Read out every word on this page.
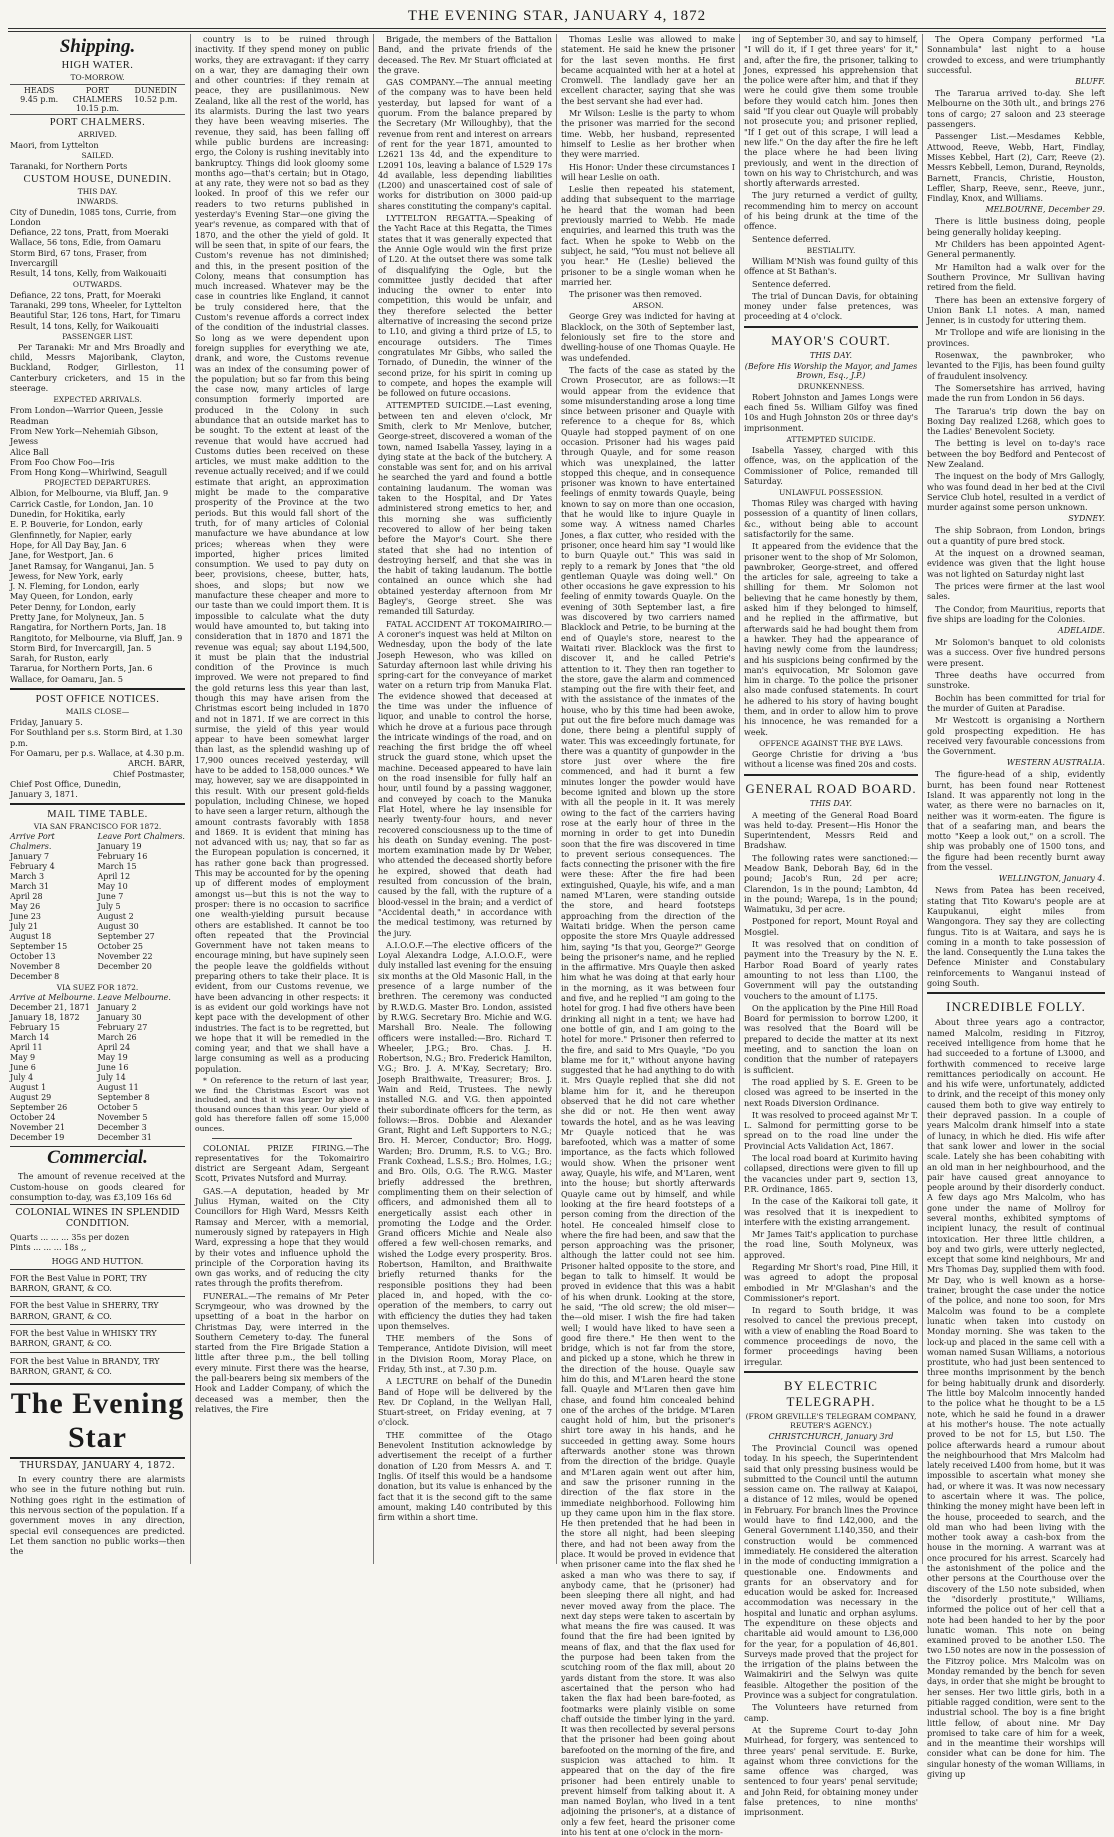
THE EVENING STAR, JANUARY 4, 1872
Shipping.
HIGH WATER.
TO-MORROW.
HEADS
9.45 p.m.
PORT CHALMERS
10.15 p.m.
DUNEDIN
10.52 p.m.
PORT CHALMERS.
ARRIVED.

Maori, from Lyttelton

SAILED.

Taranaki, for Northern Ports

CUSTOM HOUSE, DUNEDIN.
THIS DAY.
INWARDS.

City of Dunedin, 1085 tons, Currie, from London
Defiance, 22 tons, Pratt, from Moeraki
Wallace, 56 tons, Edie, from Oamaru
Storm Bird, 67 tons, Fraser, from Invercargill
Result, 14 tons, Kelly, from Waikouaiti

OUTWARDS.

Defiance, 22 tons, Pratt, for Moeraki
Taranaki, 299 tons, Wheeler, for Lyttelton
Beautiful Star, 126 tons, Hart, for Timaru
Result, 14 tons, Kelly, for Waikouaiti

PASSENGER LIST.

Per Taranaki: Mr and Mrs Broadly and child, Messrs Majoribank, Clayton, Buckland, Rodger, Girlleston, 11 Canterbury cricketers, and 15 in the steerage.

EXPECTED ARRIVALS.

From London—Warrior Queen, Jessie Readman
From New York—Nehemiah Gibson, Jewess
Alice Ball
From Foo Chow Foo—Iris
From Hong Kong—Whirlwind, Seagull

PROJECTED DEPARTURES.

Albion, for Melbourne, via Bluff, Jan. 9
Carrick Castle, for London, Jan. 10
Dunedin, for Hokitika, early
E. P. Bouverie, for London, early
Glenfinnetly, for Napier, early
Hope, for All Day Bay, Jan. 6
Jane, for Westport, Jan. 6
Janet Ramsay, for Wanganui, Jan. 5
Jewess, for New York, early
J. N. Fleming, for London, early
May Queen, for London, early
Peter Denny, for London, early
Pretty Jane, for Molyneux, Jan. 5
Rangatira, for Northern Ports, Jan. 18
Rangitoto, for Melbourne, via Bluff, Jan. 9
Storm Bird, for Invercargill, Jan. 5
Sarah, for Ruston, early
Tararua, for Northern Ports, Jan. 6
Wallace, for Oamaru, Jan. 5

POST OFFICE NOTICES.
MAILS CLOSE—

Friday, January 5.
For Southland per s.s. Storm Bird, at 1.30 p.m.
For Oamaru, per p.s. Wallace, at 4.30 p.m.

ARCH. BARR,

Chief Postmaster,

Chief Post Office, Dunedin,
January 3, 1871.

MAIL TIME TABLE.
VIA SAN FRANCISCO FOR 1872.
Arrive Port Chalmers.
January 7
February 4
March 3
March 31
April 28
May 26
June 23
July 21
August 18
September 15
October 13
November 8
December 8
Leave Port Chalmers.
January 19
February 16
March 15
April 12
May 10
June 7
July 5
August 2
August 30
September 27
October 25
November 22
December 20
VIA SUEZ FOR 1872.
Arrive at Melbourne.
December 21, 1871
January 18, 1872
February 15
March 14
April 11
May 9
June 6
July 4
August 1
August 29
September 26
October 24
November 21
December 19
Leave Melbourne.
January 2
January 30
February 27
March 26
April 24
May 19
June 16
July 14
August 11
September 8
October 5
November 5
December 3
December 31
Commercial.

The amount of revenue received at the Custom-house on goods cleared for consumption to-day, was £3,109 16s 6d

COLONIAL WINES IN SPLENDID CONDITION.

Quarts ... ... ... 35s per dozen
Pints ... ... ... 18s ,,

HOGG AND HUTTON.

FOR the Best Value in PORT, TRY BARRON, GRANT, & CO.
FOR the best Value in SHERRY, TRY BARRON, GRANT, & CO.
FOR the best Value in WHISKY TRY BARRON, GRANT, & CO.
FOR the best Value in BRANDY, TRY BARRON, GRANT, & CO.
The Evening Star
THURSDAY, JANUARY 4, 1872.

In every country there are alarmists who see in the future nothing but ruin. Nothing goes right in the estimation of this nervous section of the population. If a government moves in any direction, special evil consequences are predicted. Let them sanction no public works—then the

country is to be ruined through inactivity. If they spend money on public works, they are extravagant: if they carry on a war, they are damaging their own and other countries: if they remain at peace, they are pusillanimous. New Zealand, like all the rest of the world, has its alarmists. During the last two years they have been weaving miseries. The revenue, they said, has been falling off while public burdens are increasing: ergo, the Colony is rushing inevitably into bankruptcy. Things did look gloomy some months ago—that's certain; but in Otago, at any rate, they were not so bad as they looked. In proof of this we refer our readers to two returns published in yesterday's Evening Star—one giving the year's revenue, as compared with that of 1870, and the other the yield of gold. It will be seen that, in spite of our fears, the Custom's revenue has not diminished; and this, in the present position of the Colony, means that consumption has much increased. Whatever may be the case in countries like England, it cannot be truly considered here, that the Custom's revenue affords a correct index of the condition of the industrial classes. So long as we were dependent upon foreign supplies for everything we ate, drank, and wore, the Customs revenue was an index of the consuming power of the population; but so far from this being the case now, many articles of large consumption formerly imported are produced in the Colony in such abundance that an outside market has to be sought. To the extent at least of the revenue that would have accrued had Customs duties been received on these articles, we must make addition to the revenue actually received; and if we could estimate that aright, an approximation might be made to the comparative prosperity of the Province at the two periods. But this would fall short of the truth, for of many articles of Colonial manufacture we have abundance at low prices; whereas when they were imported, higher prices limited consumption. We used to pay duty on beer, provisions, cheese, butter, hats, shoes, and slops; but now we manufacture these cheaper and more to our taste than we could import them. It is impossible to calculate what the duty would have amounted to, but taking into consideration that in 1870 and 1871 the revenue was equal; say about L194,500, it must be plain that the industrial condition of the Province is much improved. We were not prepared to find the gold returns less this year than last, though this may have arisen from the Christmas escort being included in 1870 and not in 1871. If we are correct in this surmise, the yield of this year would appear to have been somewhat larger than last, as the splendid washing up of 17,900 ounces received yesterday, will have to be added to 158,000 ounces.* We may, however, say we are disappointed in this result. With our present gold-fields population, including Chinese, we hoped to have seen a larger return, although the amount contrasts favorably with 1858 and 1869. It is evident that mining has not advanced with us; nay, that so far as the European population is concerned, it has rather gone back than progressed. This may be accounted for by the opening up of different modes of employment amongst us—but this is not the way to prosper: there is no occasion to sacrifice one wealth-yielding pursuit because others are established. It cannot be too often repeated that the Provincial Government have not taken means to encourage mining, but have supinely seen the people leave the goldfields without preparing others to take their place. It is evident, from our Customs revenue, we have been advancing in other respects: it is as evident our gold workings have not kept pace with the development of other industries. The fact is to be regretted, but we hope that it will be remedied in the coming year, and that we shall have a large consuming as well as a producing population.

* On reference to the return of last year, we find the Christmas Escort was not included, and that it was larger by above a thousand ounces than this year. Our yield of gold has therefore fallen off some 15,000 ounces.

COLONIAL PRIZE FIRING.—The representatives for the Tokomairiro district are Sergeant Adam, Sergeant Scott, Privates Nutsford and Murray.

GAS.—A deputation, headed by Mr Julius Hyman, waited on the City Councillors for High Ward, Messrs Keith Ramsay and Mercer, with a memorial, numerously signed by ratepayers in High Ward, expressing a hope that they would by their votes and influence uphold the principle of the Corporation having its own gas works, and of reducing the city rates through the profits therefrom.

FUNERAL.—The remains of Mr Peter Scrymgeour, who was drowned by the upsetting of a boat in the harbor on Christmas Day, were interred in the Southern Cemetery to-day. The funeral started from the Fire Brigade Station a little after three p.m., the bell tolling every minute. First there was the hearse, the pall-bearers being six members of the Hook and Ladder Company, of which the deceased was a member, then the relatives, the Fire

Brigade, the members of the Battalion Band, and the private friends of the deceased. The Rev. Mr Stuart officiated at the grave.

GAS COMPANY.—The annual meeting of the company was to have been held yesterday, but lapsed for want of a quorum. From the balance prepared by the Secretary (Mr Willoughby), that the revenue from rent and interest on arrears of rent for the year 1871, amounted to L2621 13s 4d, and the expenditure to L2091 10s, leaving a balance of L529 17s 4d available, less depending liabilities (L200) and unascertained cost of sale of works for distribution on 3000 paid-up shares constituting the company's capital.

LYTTELTON REGATTA.—Speaking of the Yacht Race at this Regatta, the Times states that it was generally expected that the Annie Ogle would win the first prize of L20. At the outset there was some talk of disqualifying the Ogle, but the committee justly decided that after inducing the owner to enter into competition, this would be unfair, and they therefore selected the better alternative of increasing the second prize to L10, and giving a third prize of L5, to encourage outsiders. The Times congratulates Mr Gibbs, who sailed the Tornado, of Dunedin, the winner of the second prize, for his spirit in coming up to compete, and hopes the example will be followed on future occasions.

ATTEMPTED SUICIDE.—Last evening, between ten and eleven o'clock, Mr Smith, clerk to Mr Menlove, butcher, George-street, discovered a woman of the town, named Isabella Yassey, laying in a dying state at the back of the butchery. A constable was sent for, and on his arrival he searched the yard and found a bottle containing laudanum. The woman was taken to the Hospital, and Dr Yates administered strong emetics to her, and this morning she was sufficiently recovered to allow of her being taken before the Mayor's Court. She there stated that she had no intention of destroying herself, and that she was in the habit of taking laudanum. The bottle contained an ounce which she had obtained yesterday afternoon from Mr Bagley's, George street. She was remanded till Saturday.

FATAL ACCIDENT AT TOKOMAIRIRO.—A coroner's inquest was held at Milton on Wednesday, upon the body of the late Joseph Heweson, who was killed on Saturday afternoon last while driving his spring-cart for the conveyance of market water on a return trip from Manuka Flat. The evidence showed that deceased at the time was under the influence of liquor, and unable to control the horse, which he drove at a furious pace through the intricate windings of the road, and on reaching the first bridge the off wheel struck the guard stone, which upset the machine. Deceased appeared to have lain on the road insensible for fully half an hour, until found by a passing waggoner, and conveyed by coach to the Manuka Flat Hotel, where he lay insensible for nearly twenty-four hours, and never recovered consciousness up to the time of his death on Sunday evening. The post-mortem examination made by Dr Weber, who attended the deceased shortly before he expired, showed that death had resulted from concussion of the brain, caused by the fall, with the rupture of a blood-vessel in the brain; and a verdict of "Accidental death," in accordance with the medical testimony, was returned by the jury.

A.I.O.O.F.—The elective officers of the Loyal Alexandra Lodge, A.I.O.O.F., were duly installed last evening for the ensuing six months at the Old Masonic Hall, in the presence of a large number of the brethren. The ceremony was conducted by R.W.D.G. Master Bro. London, assisted by R.W.G. Secretary Bro. Michie and W.G. Marshall Bro. Neale. The following officers were installed:—Bro. Richard T. Wheeler, J.P.G.; Bro. Chas. J. H. Robertson, N.G.; Bro. Frederick Hamilton, V.G.; Bro. J. A. M'Kay, Secretary; Bro. Joseph Braithwaite, Treasurer; Bros. J. Wain and Reid, Trustees. The newly installed N.G. and V.G. then appointed their subordinate officers for the term, as follows:—Bros. Dobbie and Alexander Grant, Right and Left Supporters to N.G.; Bro. H. Mercer, Conductor; Bro. Hogg, Warden; Bro. Drumm, R.S. to V.G.; Bro. Frank Coxhead, L.S.S.; Bro. Holmes, I.G.; and Bro. Oils, O.G. The R.W.G. Master briefly addressed the brethren, complimenting them on their selection of officers, and admonished them all to energetically assist each other in promoting the Lodge and the Order. Grand officers Michie and Neale also offered a few well-chosen remarks, and wished the Lodge every prosperity. Bros. Robertson, Hamilton, and Braithwaite briefly returned thanks for the responsible positions they had been placed in, and hoped, with the co-operation of the members, to carry out with efficiency the duties they had taken upon themselves.

THE members of the Sons of Temperance, Antidote Division, will meet in the Division Room, Moray Place, on Friday, 5th inst., at 7.30 p.m.

A LECTURE on behalf of the Dunedin Band of Hope will be delivered by the Rev. Dr Copland, in the Wellyan Hall, Stuart-street, on Friday evening, at 7 o'clock.

THE committee of the Otago Benevolent Institution acknowledge by advertisement the receipt of a further donation of L20 from Messrs A. and T. Inglis. Of itself this would be a handsome donation, but its value is enhanced by the fact that it is the second gift to the same amount, making L40 contributed by this firm within a short time.

Thomas Leslie was allowed to make statement. He said he knew the prisoner for the last seven months. He first became acquainted with her at a hotel at Cromwell. The landlady gave her an excellent character, saying that she was the best servant she had ever had.

Mr Wilson: Leslie is the party to whom the prisoner was married for the second time. Webb, her husband, represented himself to Leslie as her brother when they were married.

His Honor: Under these circumstances I will hear Leslie on oath.

Leslie then repeated his statement, adding that subsequent to the marriage he heard that the woman had been previously married to Webb. He made enquiries, and learned this truth was the fact. When he spoke to Webb on the subject, he said, "You must not believe all you hear." He (Leslie) believed the prisoner to be a single woman when he married her.

The prisoner was then removed.

ARSON.

George Grey was indicted for having at Blacklock, on the 30th of September last, feloniously set fire to the store and dwelling-house of one Thomas Quayle. He was undefended.

The facts of the case as stated by the Crown Prosecutor, are as follows:—It would appear from the evidence that some misunderstanding arose a long time since between prisoner and Quayle with reference to a cheque for 8s, which Quayle had stopped payment of on one occasion. Prisoner had his wages paid through Quayle, and for some reason which was unexplained, the latter stopped this cheque, and in consequence prisoner was known to have entertained feelings of enmity towards Quayle, being known to say on more than one occasion, that he would like to injure Quayle in some way. A witness named Charles Jones, a flax cutter, who resided with the prisoner, once heard him say "I would like to burn Quayle out." This was said in reply to a remark by Jones that "the old gentleman Quayle was doing well." On other occasions he gave expression to his feeling of enmity towards Quayle. On the evening of 30th September last, a fire was discovered by two carriers named Blacklock and Petrie, to be burning at the end of Quayle's store, nearest to the Waitati river. Blacklock was the first to discover it, and he called Petrie's attention to it. They then ran together to the store, gave the alarm and commenced stamping out the fire with their feet, and with the assistance of the inmates of the house, who by this time had been awoke, put out the fire before much damage was done, there being a plentiful supply of water. This was exceedingly fortunate, for there was a quantity of gunpowder in the store just over where the fire commenced, and had it burnt a few minutes longer the powder would have become ignited and blown up the store with all the people in it. It was merely owing to the fact of the carriers having rose at the early hour of three in the morning in order to get into Dunedin soon that the fire was discovered in time to prevent serious consequences. The facts connecting the prisoner with the fire were these: After the fire had been extinguished, Quayle, his wife, and a man named M'Laren, were standing outside the store, and heard footsteps approaching from the direction of the Waitati bridge. When the person came opposite the store Mrs Quayle addressed him, saying "Is that you, George?" George being the prisoner's name, and he replied in the affirmative. Mrs Quayle then asked him what he was doing at that early hour in the morning, as it was between four and five, and he replied "I am going to the hotel for grog. I had five others have been drinking all night in a tent; we have had one bottle of gin, and I am going to the hotel for more." Prisoner then referred to the fire, and said to Mrs Quayle, "Do you blame me for it," without anyone having suggested that he had anything to do with it. Mrs Quayle replied that she did not blame him for it, and he thereupon observed that he did not care whether she did or not. He then went away towards the hotel, and as he was leaving Mr Quayle noticed that he was barefooted, which was a matter of some importance, as the facts which followed would show. When the prisoner went away, Quayle, his wife, and M'Laren, went into the house; but shortly afterwards Quayle came out by himself, and while looking at the fire heard footsteps of a person coming from the direction of the hotel. He concealed himself close to where the fire had been, and saw that the person approaching was the prisoner, although the latter could not see him. Prisoner halted opposite to the store, and began to talk to himself. It would be proved in evidence that this was a habit of his when drunk. Looking at the store, he said, "The old screw; the old miser—the—old miser. I wish the fire had taken well; I would have liked to have seen a good fire there." He then went to the bridge, which is not far from the store, and picked up a stone, which he threw in the direction of the house. Quayle saw him do this, and M'Laren heard the stone fall. Quayle and M'Laren then gave him chase, and found him concealed behind one of the arches of the bridge. M'Laren caught hold of him, but the prisoner's shirt tore away in his hands, and he succeeded in getting away. Some hours afterwards another stone was thrown from the direction of the bridge. Quayle and M'Laren again went out after him, and saw the prisoner running in the direction of the flax store in the immediate neighborhood. Following him up they came upon him in the flax store. He then pretended that he had been in the store all night, had been sleeping there, and had not been away from the place. It would be proved in evidence that when prisoner came into the flax shed he asked a man who was there to say, if anybody came, that he (prisoner) had been sleeping there all night, and had never moved away from the place. The next day steps were taken to ascertain by what means the fire was caused. It was found that the fire had been ignited by means of flax, and that the flax used for the purpose had been taken from the scutching room of the flax mill, about 20 yards distant from the store. It was also ascertained that the person who had taken the flax had been bare-footed, as footmarks were plainly visible on some chaff outside the timber lying in the yard. It was then recollected by several persons that the prisoner had been going about barefooted on the morning of the fire, and suspicion was attached to him. It appeared that on the day of the fire prisoner had been entirely unable to prevent himself from talking about it. A man named Boylan, who lived in a tent adjoining the prisoner's, at a distance of only a few feet, heard the prisoner come into his tent at one o'clock in the morn-

ing of September 30, and say to himself, "I will do it, if I get three years' for it," and, after the fire, the prisoner, talking to Jones, expressed his apprehension that the police were after him, and that if they were he could give them some trouble before they would catch him. Jones then said "If you clear out Quayle will probably not prosecute you; and prisoner replied, "If I get out of this scrape, I will lead a new life." On the day after the fire he left the place where he had been living previously, and went in the direction of town on his way to Christchurch, and was shortly afterwards arrested.

The jury returned a verdict of guilty, recommending him to mercy on account of his being drunk at the time of the offence.

Sentence deferred.

BESTIALITY.

William M'Nish was found guilty of this offence at St Bathan's.

Sentence deferred.

The trial of Duncan Davis, for obtaining money under false pretences, was proceeding at 4 o'clock.

MAYOR'S COURT.
THIS DAY.
(Before His Worship the Mayor, and James Brown, Esq., J.P.)
DRUNKENNESS.

Robert Johnston and James Longs were each fined 5s. William Gilfoy was fined 10s and Hugh Johnston 20s or three day's imprisonment.

ATTEMPTED SUICIDE.

Isabella Yassey, charged with this offence, was, on the application of the Commissioner of Police, remanded till Saturday.

UNLAWFUL POSSESSION.

Thomas Riley was charged with having possession of a quantity of linen collars, &c., without being able to account satisfactorily for the same.

It appeared from the evidence that the prisoner went to the shop of Mr Solomon, pawnbroker, George-street, and offered the articles for sale, agreeing to take a shilling for them. Mr Solomon not believing that he came honestly by them, asked him if they belonged to himself, and he replied in the affirmative, but afterwards said he had bought them from a hawker. They had the appearance of having newly come from the laundress; and his suspicions being confirmed by the man's equivocation, Mr Solomon gave him in charge. To the police the prisoner also made confused statements. In court he adhered to his story of having bought them, and in order to allow him to prove his innocence, he was remanded for a week.

OFFENCE AGAINST THE BYE LAWS.

George Christie for driving a 'bus without a license was fined 20s and costs.

GENERAL ROAD BOARD.
THIS DAY.

A meeting of the General Road Board was held to-day. Present—His Honor the Superintendent, Messrs Reid and Bradshaw.

The following rates were sanctioned:—Meadow Bank, Deborah Bay, 6d in the pound; Jacob's Run, 2d per acre; Clarendon, 1s in the pound; Lambton, 4d in the pound; Warepa, 1s in the pound; Waimatuku, 3d per acre.

Postponed for report, Mount Royal and Mosgiel.

It was resolved that on condition of payment into the Treasury by the N. E. Harbor Road Board of yearly rates amounting to not less than L100, the Government will pay the outstanding vouchers to the amount of L175.

On the application by the Pine Hill Road Board for permission to borrow L200, it was resolved that the Board will be prepared to decide the matter at its next meeting, and to sanction the loan on condition that the number of ratepayers is sufficient.

The road applied by S. E. Green to be closed was agreed to be inserted in the next Roads Diversion Ordinance.

It was resolved to proceed against Mr T. L. Salmond for permitting gorse to be spread on to the road line under the Provincial Acts Validation Act, 1867.

The local road board at Kurimito having collapsed, directions were given to fill up the vacancies under part 9, section 13, P.R. Ordinance, 1865.

In the case of the Kaikorai toll gate, it was resolved that it is inexpedient to interfere with the existing arrangement.

Mr James Tait's application to purchase the road line, South Molyneux, was approved.

Regarding Mr Short's road, Pine Hill, it was agreed to adopt the proposal embodied in Mr M'Glashan's and the Commissioner's report.

In regard to South bridge, it was resolved to cancel the previous precept, with a view of enabling the Road Board to commence proceedings de novo, the former proceedings having been irregular.

BY ELECTRIC TELEGRAPH.
(FROM GREVILLE'S TELEGRAM COMPANY, REUTER'S AGENCY.)
CHRISTCHURCH, January 3rd

The Provincial Council was opened today. In his speech, the Superintendent said that only pressing business would be submitted to the Council until the autumn session came on. The railway at Kaiapoi, a distance of 12 miles, would be opened in February. For branch lines the Province would have to find L42,000, and the General Government L140,350, and their construction would be commenced immediately. He considered the alteration in the mode of conducting immigration a questionable one. Endowments and grants for an observatory and for education would be asked for. Increased accommodation was necessary in the hospital and lunatic and orphan asylums. The expenditure on these objects and charitable aid would amount to L36,000 for the year, for a population of 46,801. Surveys made proved that the project for the irrigation of the plains between the Waimakiriri and the Selwyn was quite feasible. Altogether the position of the Province was a subject for congratulation.

The Volunteers have returned from camp.

At the Supreme Court to-day John Muirhead, for forgery, was sentenced to three years' penal servitude. E. Burke, against whom three convictions for the same offence was charged, was sentenced to four years' penal servitude; and John Reid, for obtaining money under false pretences, to nine months' imprisonment.

The Opera Company performed "La Sonnambula" last night to a house crowded to excess, and were triumphantly successful.

BLUFF.

The Tararua arrived to-day. She left Melbourne on the 30th ult., and brings 276 tons of cargo; 27 saloon and 23 steerage passengers.

Passenger List.—Mesdames Kebble, Attwood, Reeve, Webb, Hart, Findlay, Misses Kebbel, Hart (2), Carr, Reeve (2). Messrs Kebbell, Lemon, Durand, Reynolds, Barnett, Francis, Christie, Houston, Leffler, Sharp, Reeve, senr., Reeve, junr., Findlay, Knox, and Williams.

MELBOURNE, December 29.

There is little business doing, people being generally holiday keeping.

Mr Childers has been appointed Agent-General permanently.

Mr Hamilton had a walk over for the Southern Province, Mr Sullivan having retired from the field.

There has been an extensive forgery of Union Bank L1 notes. A man, named Jenner, is in custody for uttering them.

Mr Trollope and wife are lionising in the provinces.

Rosenwax, the pawnbroker, who levanted to the Fijis, has been found guilty of fraudulent insolvency.

The Somersetshire has arrived, having made the run from London in 56 days.

The Tararua's trip down the bay on Boxing Day realized L268, which goes to the Ladies' Benevolent Society.

The betting is level on to-day's race between the boy Bedford and Pentecost of New Zealand.

The inquest on the body of Mrs Gallogly, who was found dead in her bed at the Civil Service Club hotel, resulted in a verdict of murder against some person unknown.

SYDNEY.

The ship Sobraon, from London, brings out a quantity of pure bred stock.

At the inquest on a drowned seaman, evidence was given that the light house was not lighted on Saturday night last

The prices were firmer at the last wool sales.

The Condor, from Mauritius, reports that five ships are loading for the Colonies.

ADELAIDE.

Mr Solomon's banquet to old colonists was a success. Over five hundred persons were present.

Three deaths have occurred from sunstroke.

Bochin has been committed for trial for the murder of Guiten at Paradise.

Mr Westcott is organising a Northern gold prospecting expedition. He has received very favourable concessions from the Government.

WESTERN AUSTRALIA.

The figure-head of a ship, evidently burnt, has been found near Rottenest Island. It was apparently not long in the water, as there were no barnacles on it, neither was it worm-eaten. The figure is that of a seafaring man, and bears the motto "Keep a look out," on a scroll. The ship was probably one of 1500 tons, and the figure had been recently burnt away from the vessel.

WELLINGTON, January 4.

News from Patea has been received, stating that Tito Kowaru's people are at Kaupukanui, eight miles from Wangongora. They say they are collecting fungus. Tito is at Waitara, and says he is coming in a month to take possession of the land. Consequently the Luna takes the Defence Minister and Constabulary reinforcements to Wanganui instead of going South.

INCREDIBLE FOLLY.

About three years ago a contractor, named Malcolm, residing in Fitzroy, received intelligence from home that he had succeeded to a fortune of L3000, and forthwith commenced to receive large remittances periodically on account. He and his wife were, unfortunately, addicted to drink, and the receipt of this money only caused them both to give way entirely to their depraved passion. In a couple of years Malcolm drank himself into a state of lunacy, in which he died. His wife after that sank lower and lower in the social scale. Lately she has been cohabiting with an old man in her neighbourhood, and the pair have caused great annoyance to people around by their disorderly conduct. A few days ago Mrs Malcolm, who has gone under the name of Mollroy for several months, exhibited symptoms of incipient lunacy, the result of continual intoxication. Her three little children, a boy and two girls, were utterly neglected, except that some kind neighbours, Mr and Mrs Thomas Day, supplied them with food. Mr Day, who is well known as a horse-trainer, brought the case under the notice of the police, and none too soon, for Mrs Malcolm was found to be a complete lunatic when taken into custody on Monday morning. She was taken to the lock-up and placed in the same cell with a woman named Susan Williams, a notorious prostitute, who had just been sentenced to three months imprisonment by the bench for being habitually drunk and disorderly. The little boy Malcolm innocently handed to the police what he thought to be a L5 note, which he said he found in a drawer at his mother's house. The note actually proved to be not for L5, but L50. The police afterwards heard a rumour about the neighbourhood that Mrs Malcolm had lately received L400 from home, but it was impossible to ascertain what money she had, or where it was. It was now necessary to ascertain where it was. The police, thinking the money might have been left in the house, proceeded to search, and the old man who had been living with the mother took away a cash-box from the house in the morning. A warrant was at once procured for his arrest. Scarcely had the astonishment of the police and the other persons at the Courthouse over the discovery of the L50 note subsided, when the "disorderly prostitute," Williams, informed the police out of her cell that a note had been handed to her by the poor lunatic woman. This note on being examined proved to be another L50. The two L50 notes are now in the possession of the Fitzroy police. Mrs Malcolm was on Monday remanded by the bench for seven days, in order that she might be brought to her senses. Her two little girls, both in a pitiable ragged condition, were sent to the industrial school. The boy is a fine bright little fellow, of about nine. Mr Day promised to take care of him for a week, and in the meantime their worships will consider what can be done for him. The singular honesty of the woman Williams, in giving up
